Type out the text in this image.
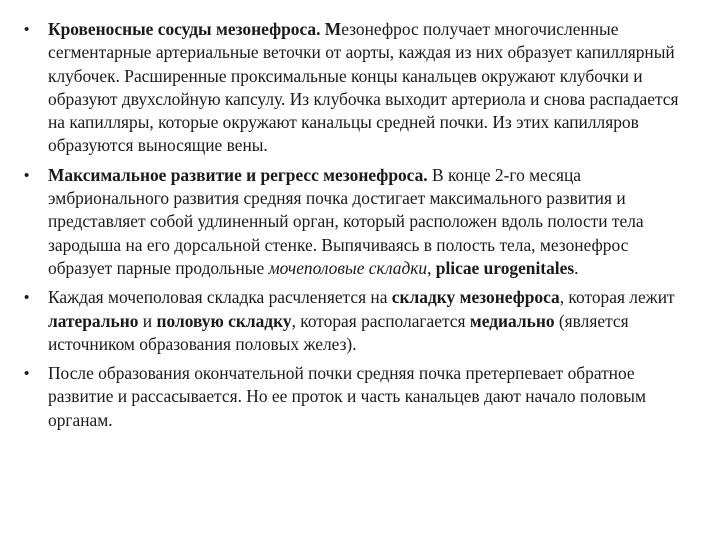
• Кровеносные сосуды мезонефроса. Мезонефрос получает многочисленные сегментарные артериальные веточки от аорты, каждая из них образует капиллярный клубочек. Расширенные проксимальные концы канальцев окружают клубочки и образуют двухслойную капсулу. Из клубочка выходит артериола и снова распадается на капилляры, которые окружают канальцы средней почки. Из этих капилляров образуются выносящие вены.
• Максимальное развитие и регресс мезонефроса. В конце 2-го месяца эмбрионального развития средняя почка достигает максимального развития и представляет собой удлиненный орган, который расположен вдоль полости тела зародыша на его дорсальной стенке. Выпячиваясь в полость тела, мезонефрос образует парные продольные мочеполовые складки, plicae urogenitales.
• Каждая мочеполовая складка расчленяется на складку мезонефроса, которая лежит латерально и половую складку, которая располагается медиально (является источником образования половых желез).
• После образования окончательной почки средняя почка претерпевает обратное развитие и рассасывается. Но ее проток и часть канальцев дают начало половым органам.
